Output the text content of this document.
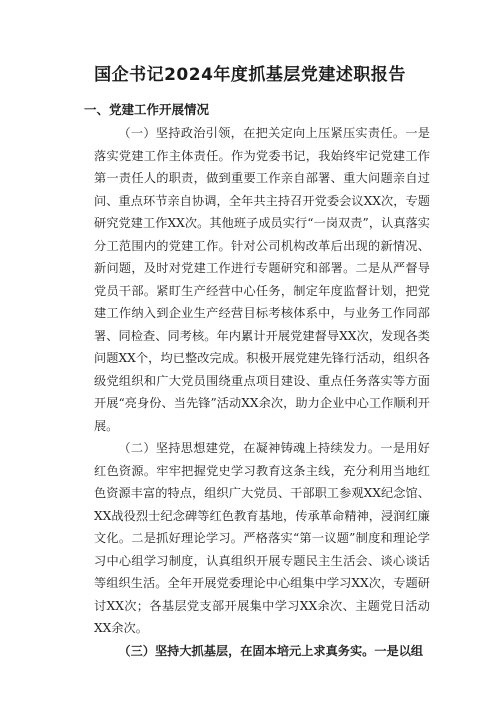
国企书记2024年度抓基层党建述职报告
一、党建工作开展情况

（一）坚持政治引领，在把关定向上压紧压实责任。一是落实党建工作主体责任。作为党委书记，我始终牢记党建工作第一责任人的职责，做到重要工作亲自部署、重大问题亲自过问、重点环节亲自协调，全年共主持召开党委会议XX次，专题研究党建工作XX次。其他班子成员实行“一岗双责”，认真落实分工范围内的党建工作。针对公司机构改革后出现的新情况、新问题，及时对党建工作进行专题研究和部署。二是从严督导党员干部。紧盯生产经营中心任务，制定年度监督计划，把党建工作纳入到企业生产经营目标考核体系中，与业务工作同部署、同检查、同考核。年内累计开展党建督导XX次，发现各类问题XX个，均已整改完成。积极开展党建先锋行活动，组织各级党组织和广大党员围绕重点项目建设、重点任务落实等方面开展“亮身份、当先锋”活动XX余次，助力企业中心工作顺利开展。

（二）坚持思想建党，在凝神铸魂上持续发力。一是用好红色资源。牢牢把握党史学习教育这条主线，充分利用当地红色资源丰富的特点，组织广大党员、干部职工参观XX纪念馆、XX战役烈士纪念碑等红色教育基地，传承革命精神，浸润红廉文化。二是抓好理论学习。严格落实“第一议题”制度和理论学习中心组学习制度，认真组织开展专题民主生活会、谈心谈话等组织生活。全年开展党委理论中心组集中学习XX次，专题研讨XX次；各基层党支部开展集中学习XX余次、主题党日活动XX余次。

（三）坚持大抓基层，在固本培元上求真务实。一是以组
